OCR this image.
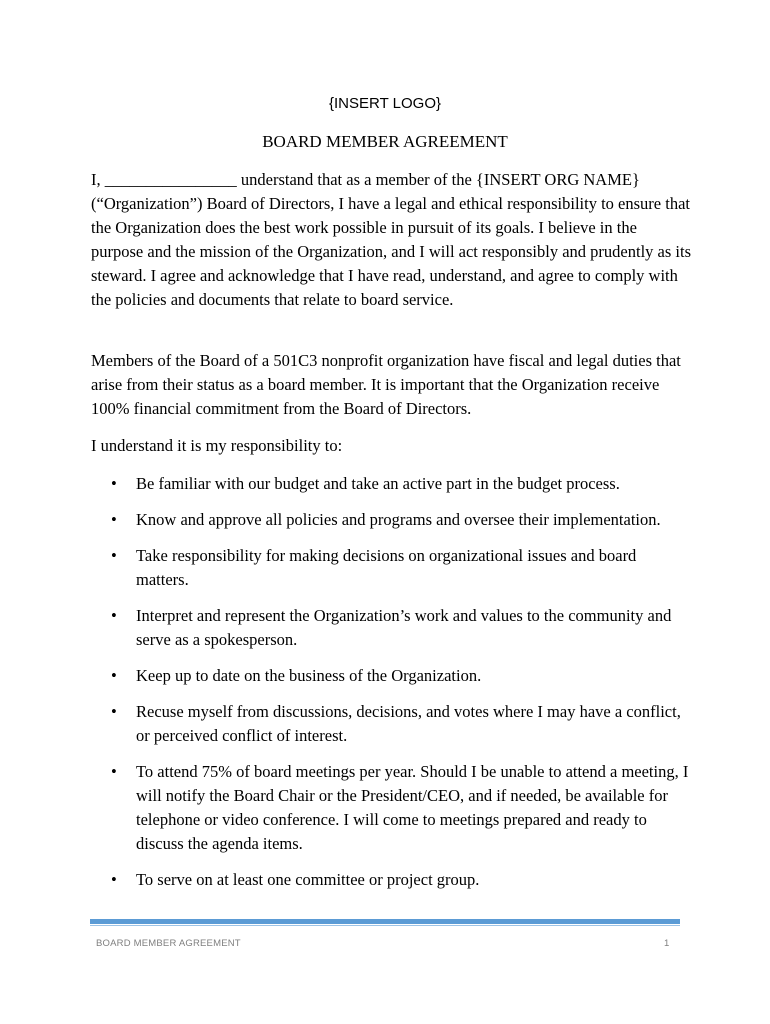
{INSERT LOGO}
BOARD MEMBER AGREEMENT

I, ________________ understand that as a member of the {INSERT ORG NAME} (“Organization”) Board of Directors, I have a legal and ethical responsibility to ensure that the Organization does the best work possible in pursuit of its goals. I believe in the purpose and the mission of the Organization, and I will act responsibly and prudently as its steward. I agree and acknowledge that I have read, understand, and agree to comply with the policies and documents that relate to board service.

Members of the Board of a 501C3 nonprofit organization have fiscal and legal duties that arise from their status as a board member. It is important that the Organization receive 100% financial commitment from the Board of Directors.

I understand it is my responsibility to:

• Be familiar with our budget and take an active part in the budget process.
• Know and approve all policies and programs and oversee their implementation.
• Take responsibility for making decisions on organizational issues and board matters.
• Interpret and represent the Organization’s work and values to the community and serve as a spokesperson.
• Keep up to date on the business of the Organization.
• Recuse myself from discussions, decisions, and votes where I may have a conflict, or perceived conflict of interest.
• To attend 75% of board meetings per year. Should I be unable to attend a meeting, I will notify the Board Chair or the President/CEO, and if needed, be available for telephone or video conference. I will come to meetings prepared and ready to discuss the agenda items.
• To serve on at least one committee or project group.
BOARD MEMBER AGREEMENT	1
